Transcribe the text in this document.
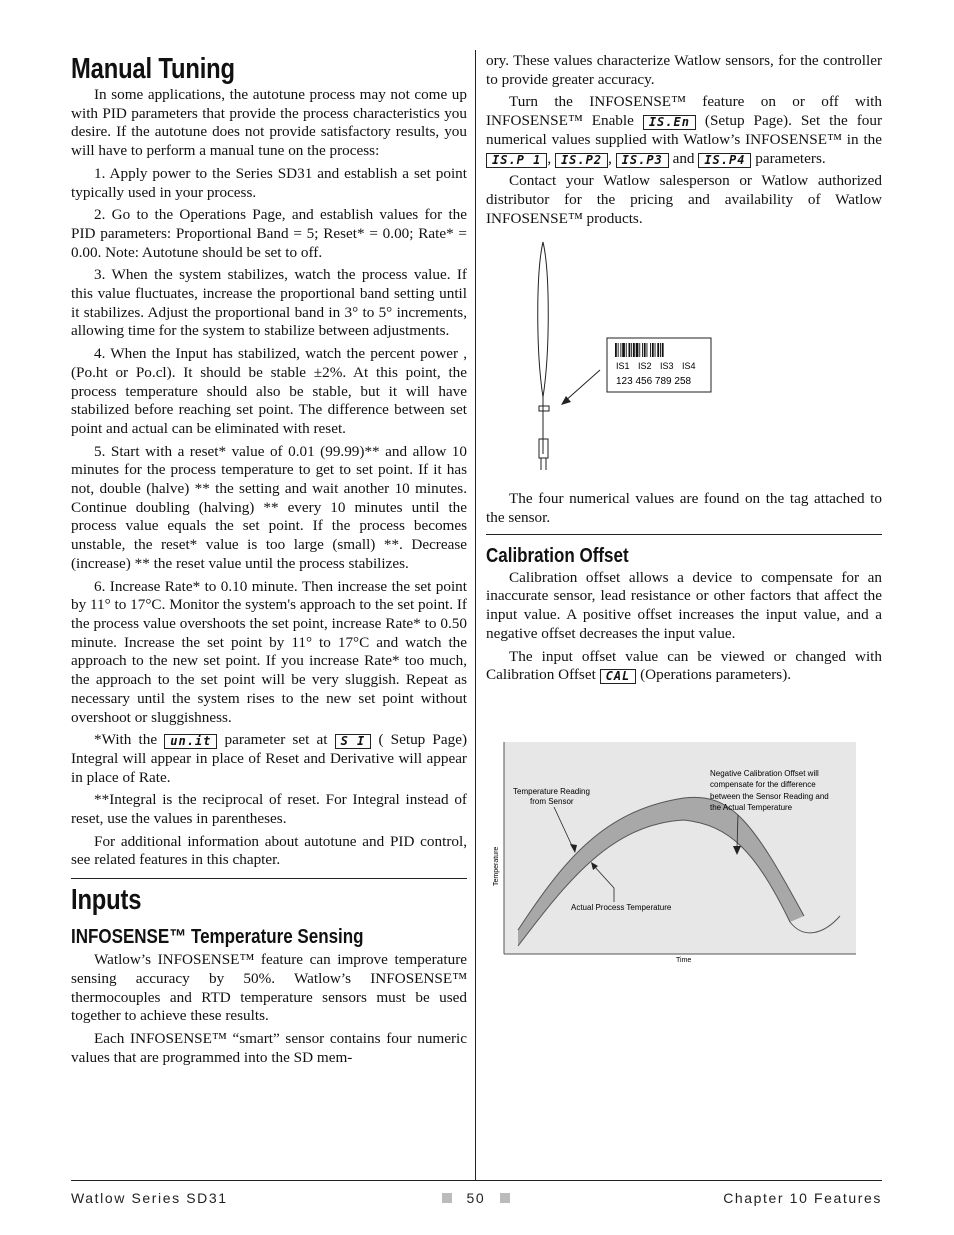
Manual Tuning

In some applications, the autotune process may not come up with PID parameters that provide the process characteristics you desire. If the autotune does not provide satisfactory results, you will have to perform a manual tune on the process:

1. Apply power to the Series SD31 and establish a set point typically used in your process.

2. Go to the Operations Page, and establish values for the PID parameters: Proportional Band = 5; Reset* = 0.00; Rate* = 0.00. Note: Autotune should be set to off.

3. When the system stabilizes, watch the process value. If this value fluctuates, increase the proportional band setting until it stabilizes. Adjust the proportional band in 3° to 5° increments, allowing time for the system to stabilize between adjustments.

4. When the Input has stabilized, watch the percent power , (Po.ht or Po.cl). It should be stable ±2%. At this point, the process temperature should also be stable, but it will have stabilized before reaching set point. The difference between set point and actual can be eliminated with reset.

5. Start with a reset* value of 0.01 (99.99)** and allow 10 minutes for the process temperature to get to set point. If it has not, double (halve) ** the setting and wait another 10 minutes. Continue doubling (halving) ** every 10 minutes until the process value equals the set point. If the process becomes unstable, the reset* value is too large (small) **. Decrease (increase) ** the reset value until the process stabilizes.

6. Increase Rate* to 0.10 minute. Then increase the set point by 11° to 17°C. Monitor the system's approach to the set point. If the process value overshoots the set point, increase Rate* to 0.50 minute. Increase the set point by 11° to 17°C and watch the approach to the new set point. If you increase Rate* too much, the approach to the set point will be very sluggish. Repeat as necessary until the system rises to the new set point without overshoot or sluggishness.

*With the un.it parameter set at S I ( Setup Page) Integral will appear in place of Reset and Derivative will appear in place of Rate.

**Integral is the reciprocal of reset. For Integral instead of reset, use the values in parentheses.

For additional information about autotune and PID control, see related features in this chapter.

Inputs
INFOSENSE™ Temperature Sensing

Watlow’s INFOSENSE™ feature can improve temperature sensing accuracy by 50%. Watlow’s INFOSENSE™ thermocouples and RTD temperature sensors must be used together to achieve these results.

Each INFOSENSE™ “smart” sensor contains four numeric values that are programmed into the SD mem-

ory. These values characterize Watlow sensors, for the controller to provide greater accuracy.

Turn the INFOSENSE™ feature on or off with INFOSENSE™ Enable IS.En (Setup Page). Set the four numerical values supplied with Watlow’s INFOSENSE™ in the IS.P 1 , IS.P2 , IS.P3 and IS.P4 parameters.

Contact your Watlow salesperson or Watlow authorized distributor for the pricing and availability of Watlow INFOSENSE™ products.

IS1 IS2 IS3 IS4
123 456 789 258

The four numerical values are found on the tag attached to the sensor.

Calibration Offset

Calibration offset allows a device to compensate for an inaccurate sensor, lead resistance or other factors that affect the input value. A positive offset increases the input value, and a negative offset decreases the input value.

The input offset value can be viewed or changed with Calibration Offset CAL (Operations parameters).

Temperature
Time
Temperature Reading
from Sensor
Actual Process Temperature
Negative Calibration Offset will
compensate for the difference
between the Sensor Reading and
the Actual Temperature
Watlow Series SD31	50	Chapter 10 Features
